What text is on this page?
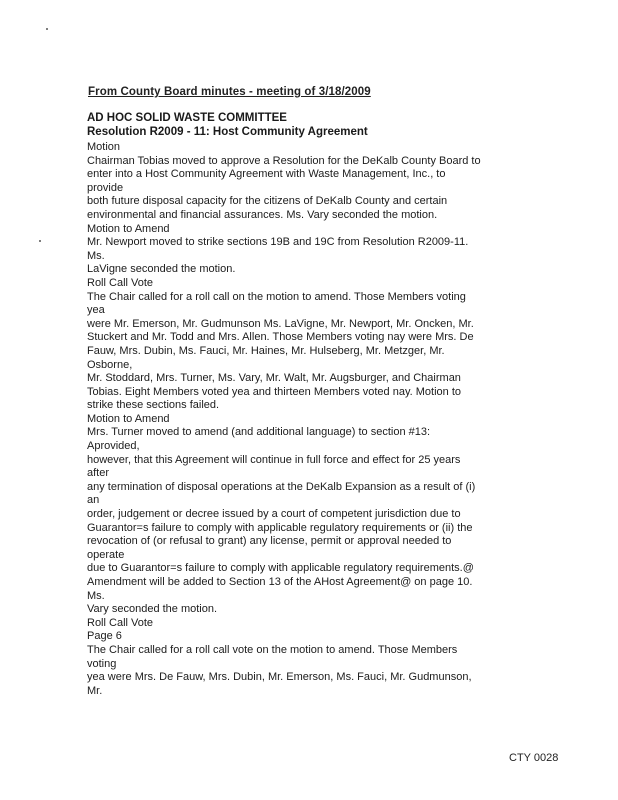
From County Board minutes - meeting of 3/18/2009
AD HOC SOLID WASTE COMMITTEE
Resolution R2009 - 11: Host Community Agreement
Motion
Chairman Tobias moved to approve a Resolution for the DeKalb County Board to
enter into a Host Community Agreement with Waste Management, Inc., to
provide
both future disposal capacity for the citizens of DeKalb County and certain
environmental and financial assurances. Ms. Vary seconded the motion.
Motion to Amend
Mr. Newport moved to strike sections 19B and 19C from Resolution R2009-11.
Ms.
LaVigne seconded the motion.
Roll Call Vote
The Chair called for a roll call on the motion to amend. Those Members voting
yea
were Mr. Emerson, Mr. Gudmunson Ms. LaVigne, Mr. Newport, Mr. Oncken, Mr.
Stuckert and Mr. Todd and Mrs. Allen. Those Members voting nay were Mrs. De
Fauw, Mrs. Dubin, Ms. Fauci, Mr. Haines, Mr. Hulseberg, Mr. Metzger, Mr.
Osborne,
Mr. Stoddard, Mrs. Turner, Ms. Vary, Mr. Walt, Mr. Augsburger, and Chairman
Tobias. Eight Members voted yea and thirteen Members voted nay. Motion to
strike these sections failed.
Motion to Amend
Mrs. Turner moved to amend (and additional language) to section #13:
Aprovided,
however, that this Agreement will continue in full force and effect for 25 years
after
any termination of disposal operations at the DeKalb Expansion as a result of (i)
an
order, judgement or decree issued by a court of competent jurisdiction due to
Guarantor=s failure to comply with applicable regulatory requirements or (ii) the
revocation of (or refusal to grant) any license, permit or approval needed to
operate
due to Guarantor=s failure to comply with applicable regulatory requirements.@
Amendment will be added to Section 13 of the AHost Agreement@ on page 10.
Ms.
Vary seconded the motion.
Roll Call Vote
Page 6
The Chair called for a roll call vote on the motion to amend. Those Members
voting
yea were Mrs. De Fauw, Mrs. Dubin, Mr. Emerson, Ms. Fauci, Mr. Gudmunson,
Mr.
CTY 0028
